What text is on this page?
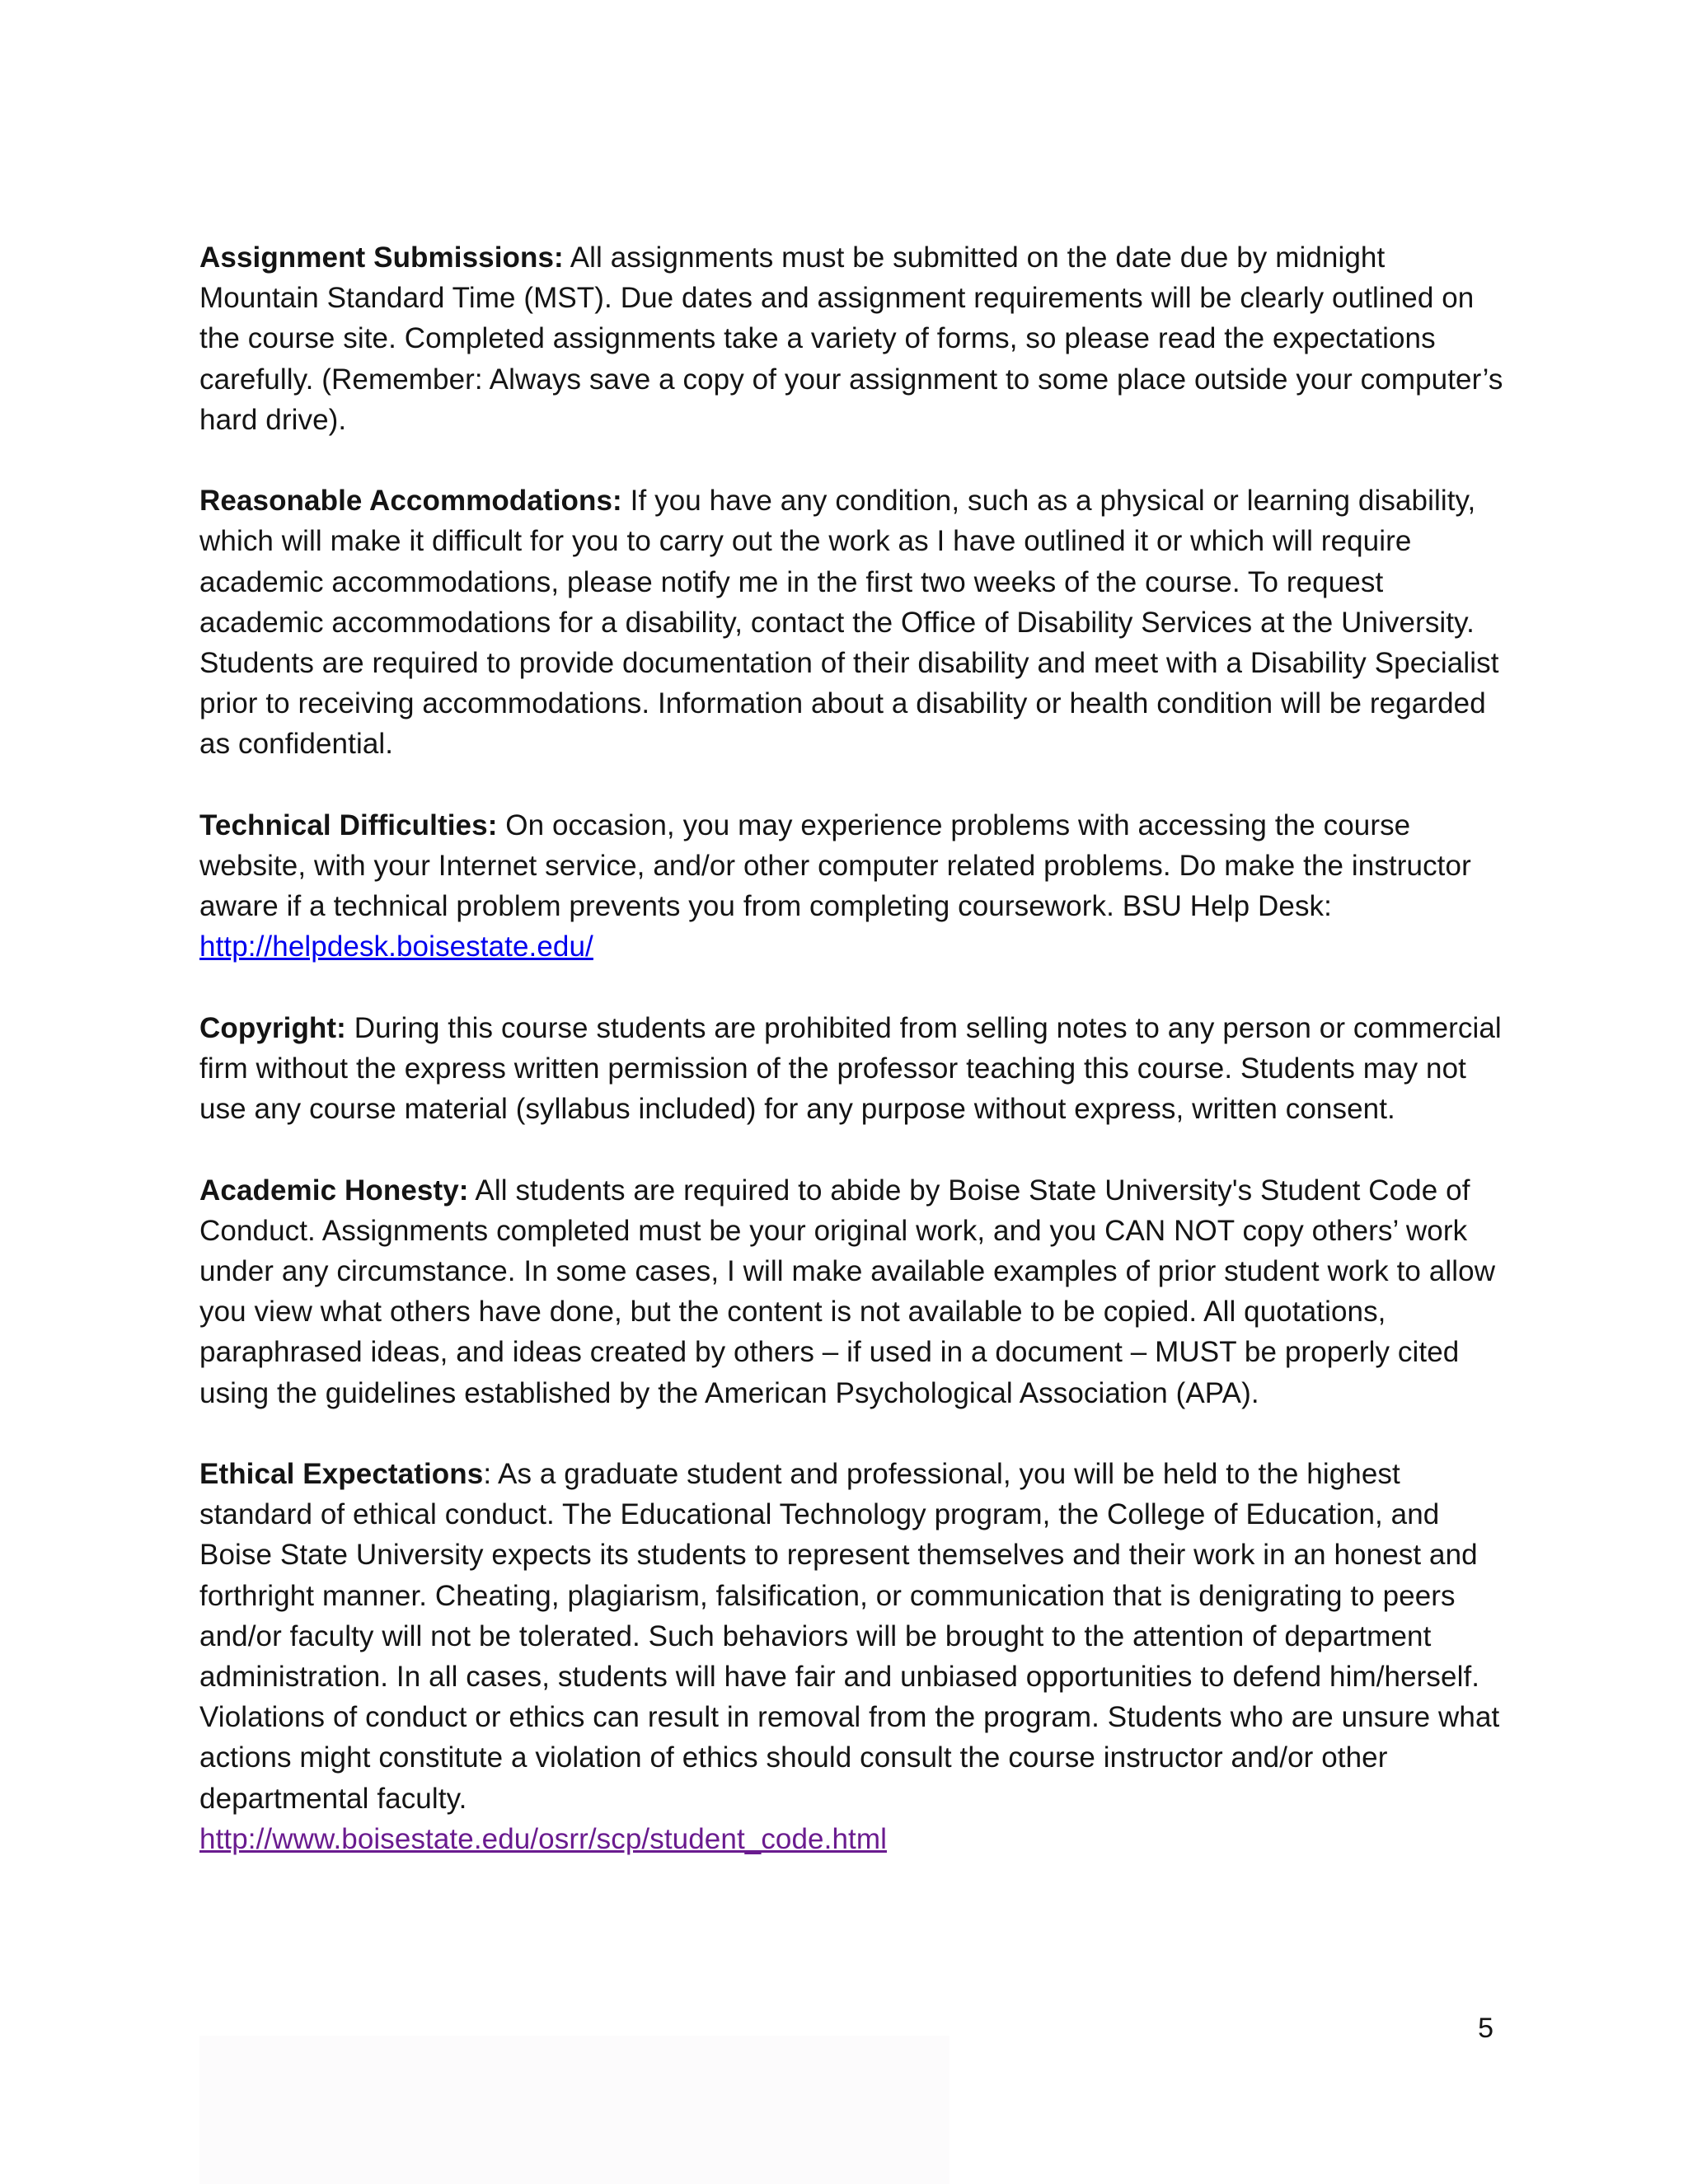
Assignment Submissions: All assignments must be submitted on the date due by midnight Mountain Standard Time (MST). Due dates and assignment requirements will be clearly outlined on the course site. Completed assignments take a variety of forms, so please read the expectations carefully. (Remember: Always save a copy of your assignment to some place outside your computer’s hard drive).

Reasonable Accommodations: If you have any condition, such as a physical or learning disability, which will make it difficult for you to carry out the work as I have outlined it or which will require academic accommodations, please notify me in the first two weeks of the course. To request academic accommodations for a disability, contact the Office of Disability Services at the University. Students are required to provide documentation of their disability and meet with a Disability Specialist prior to receiving accommodations. Information about a disability or health condition will be regarded as confidential.

Technical Difficulties: On occasion, you may experience problems with accessing the course website, with your Internet service, and/or other computer related problems. Do make the instructor aware if a technical problem prevents you from completing coursework. BSU Help Desk: http://helpdesk.boisestate.edu/

Copyright: During this course students are prohibited from selling notes to any person or commercial firm without the express written permission of the professor teaching this course. Students may not use any course material (syllabus included) for any purpose without express, written consent.

Academic Honesty: All students are required to abide by Boise State University's Student Code of Conduct. Assignments completed must be your original work, and you CAN NOT copy others’ work under any circumstance. In some cases, I will make available examples of prior student work to allow you view what others have done, but the content is not available to be copied. All quotations, paraphrased ideas, and ideas created by others – if used in a document – MUST be properly cited using the guidelines established by the American Psychological Association (APA).

Ethical Expectations: As a graduate student and professional, you will be held to the highest standard of ethical conduct. The Educational Technology program, the College of Education, and Boise State University expects its students to represent themselves and their work in an honest and forthright manner. Cheating, plagiarism, falsification, or communication that is denigrating to peers and/or faculty will not be tolerated. Such behaviors will be brought to the attention of department administration. In all cases, students will have fair and unbiased opportunities to defend him/herself. Violations of conduct or ethics can result in removal from the program. Students who are unsure what actions might constitute a violation of ethics should consult the course instructor and/or other departmental faculty.
http://www.boisestate.edu/osrr/scp/student_code.html

5
